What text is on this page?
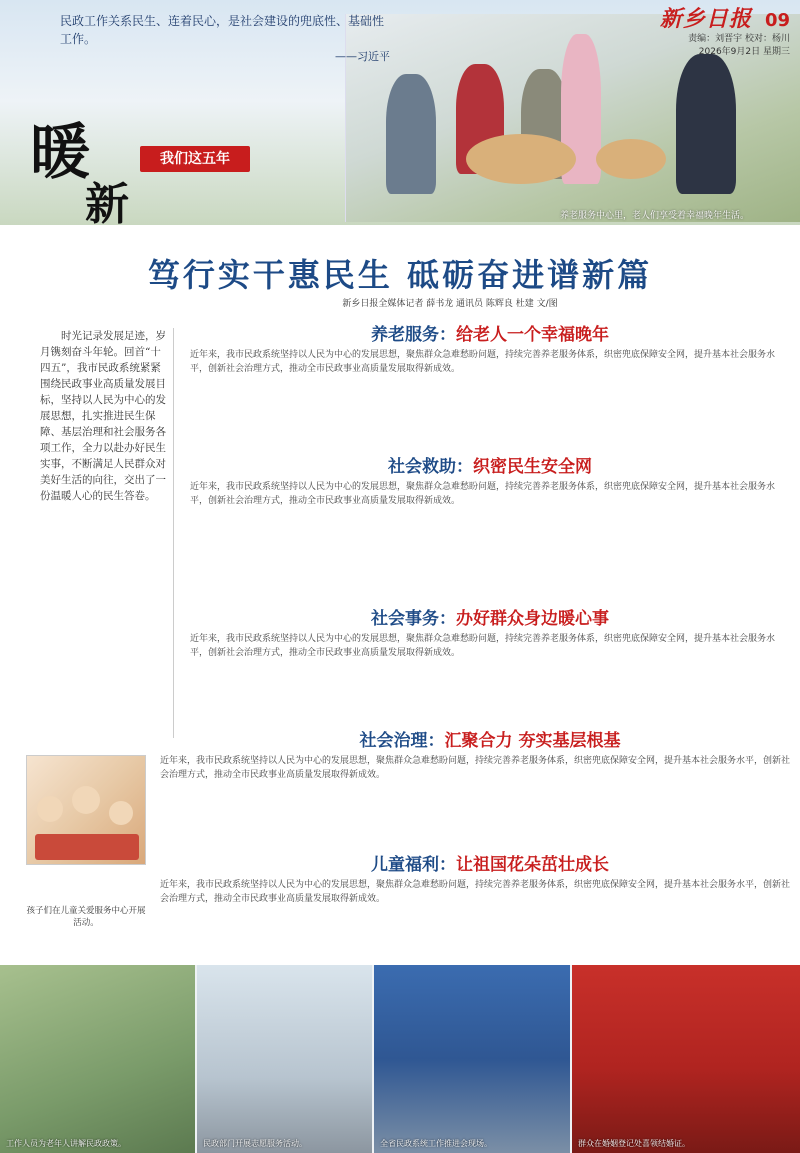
民政工作关系民生、连着民心，是社会建设的兜底性、基础性工作。
——习近平
新乡日报 09
责编：刘晋宇 校对：杨川
2026年9月2日 星期三
暖
新
我们这五年
养老服务中心里，老人们享受着幸福晚年生活。
笃行实干惠民生 砥砺奋进谱新篇
新乡日报全媒体记者 薛书龙 通讯员 陈辉良 杜建 文/图
时光记录发展足迹，岁月镌刻奋斗年轮。回首“十四五”，我市民政系统紧紧围绕民政事业高质量发展目标，坚持以人民为中心的发展思想，扎实推进民生保障、基层治理和社会服务各项工作，全力以赴办好民生实事，不断满足人民群众对美好生活的向往，交出了一份温暖人心的民生答卷。
养老服务：给老人一个幸福晚年
近年来，我市民政系统坚持以人民为中心的发展思想，聚焦群众急难愁盼问题，持续完善养老服务体系，织密兜底保障安全网，提升基本社会服务水平，创新社会治理方式，推动全市民政事业高质量发展取得新成效。
社会救助：织密民生安全网
近年来，我市民政系统坚持以人民为中心的发展思想，聚焦群众急难愁盼问题，持续完善养老服务体系，织密兜底保障安全网，提升基本社会服务水平，创新社会治理方式，推动全市民政事业高质量发展取得新成效。
社会事务：办好群众身边暖心事
近年来，我市民政系统坚持以人民为中心的发展思想，聚焦群众急难愁盼问题，持续完善养老服务体系，织密兜底保障安全网，提升基本社会服务水平，创新社会治理方式，推动全市民政事业高质量发展取得新成效。
社会治理：汇聚合力 夯实基层根基
近年来，我市民政系统坚持以人民为中心的发展思想，聚焦群众急难愁盼问题，持续完善养老服务体系，织密兜底保障安全网，提升基本社会服务水平，创新社会治理方式，推动全市民政事业高质量发展取得新成效。
孩子们在儿童关爱服务中心开展活动。
儿童福利：让祖国花朵茁壮成长
近年来，我市民政系统坚持以人民为中心的发展思想，聚焦群众急难愁盼问题，持续完善养老服务体系，织密兜底保障安全网，提升基本社会服务水平，创新社会治理方式，推动全市民政事业高质量发展取得新成效。
工作人员为老年人讲解民政政策。	民政部门开展志愿服务活动。	全省民政系统工作推进会现场。	群众在婚姻登记处喜领结婚证。
